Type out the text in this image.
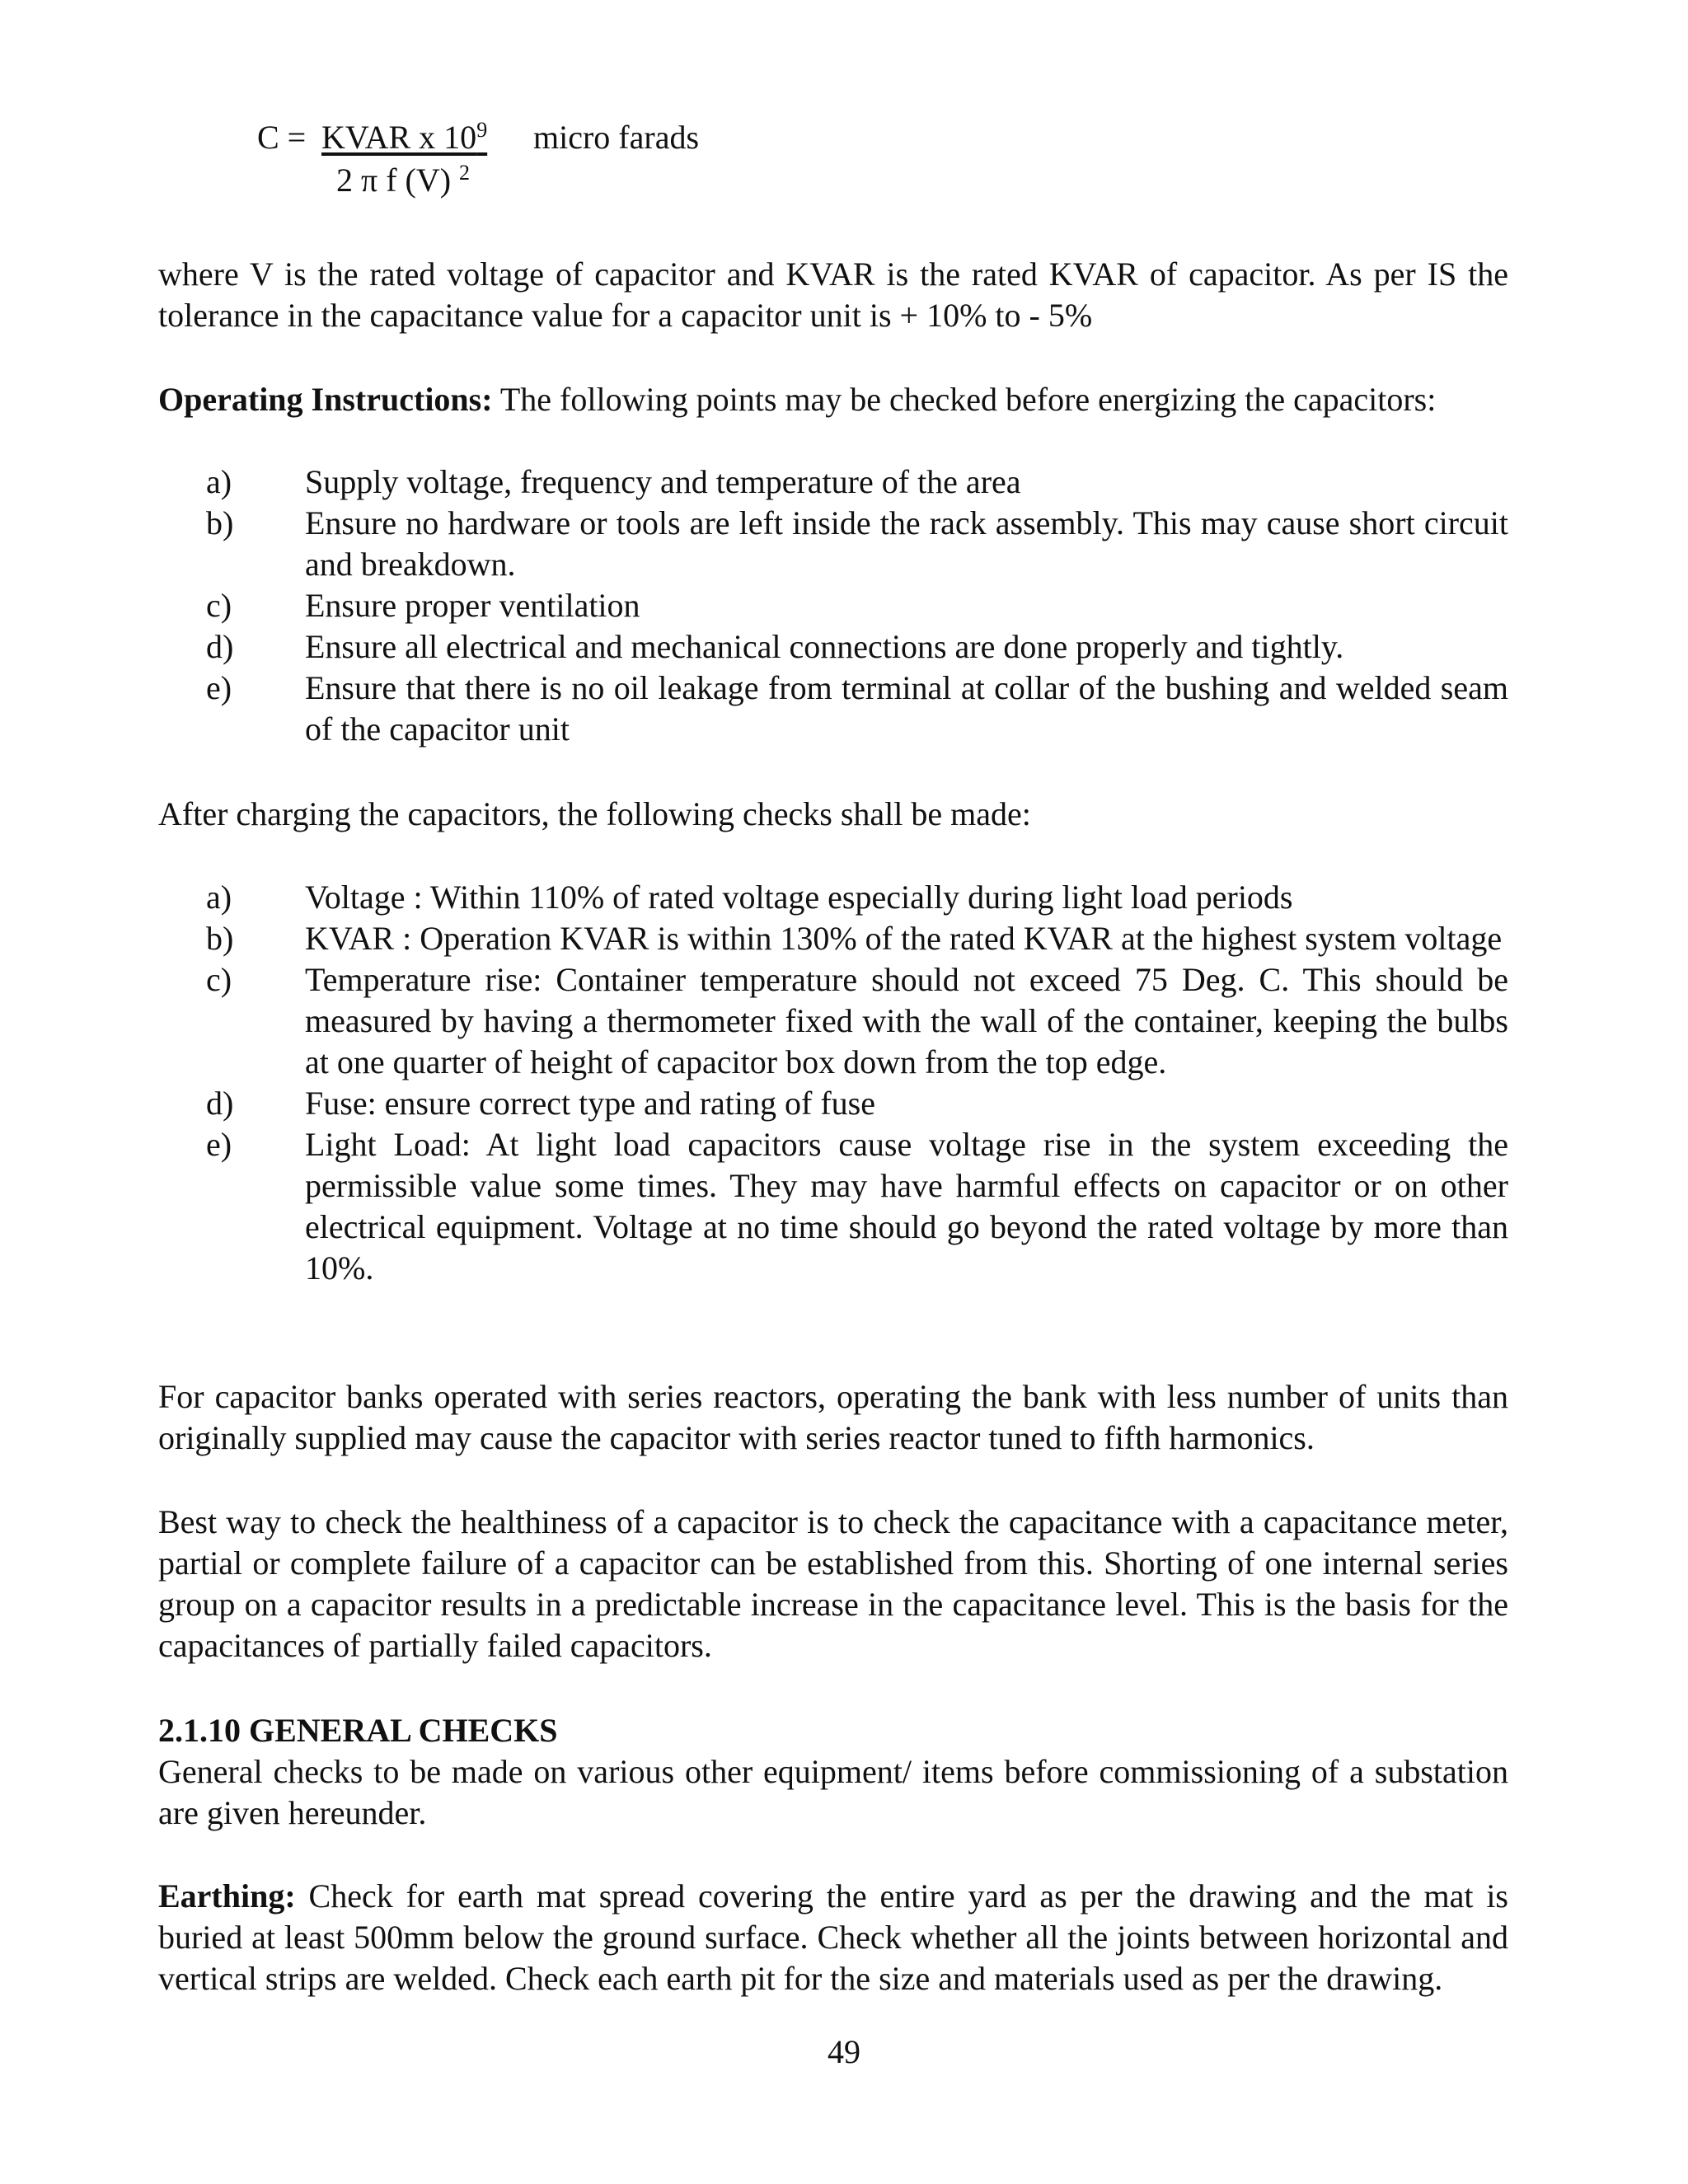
C = KVAR x $10^9$ micro farads
2 π f (V) $^2$

where V is the rated voltage of capacitor and KVAR is the rated KVAR of capacitor. As per IS the tolerance in the capacitance value for a capacitor unit is + 10% to - 5%

Operating Instructions: The following points may be checked before energizing the capacitors:

a) Supply voltage, frequency and temperature of the area
b) Ensure no hardware or tools are left inside the rack assembly. This may cause short circuit and breakdown.
c) Ensure proper ventilation
d) Ensure all electrical and mechanical connections are done properly and tightly.
e) Ensure that there is no oil leakage from terminal at collar of the bushing and welded seam of the capacitor unit

After charging the capacitors, the following checks shall be made:

a) Voltage : Within 110% of rated voltage especially during light load periods
b) KVAR : Operation KVAR is within 130% of the rated KVAR at the highest system voltage
c) Temperature rise: Container temperature should not exceed 75 Deg. C. This should be measured by having a thermometer fixed with the wall of the container, keeping the bulbs at one quarter of height of capacitor box down from the top edge.
d) Fuse: ensure correct type and rating of fuse
e) Light Load: At light load capacitors cause voltage rise in the system exceeding the permissible value some times. They may have harmful effects on capacitor or on other electrical equipment. Voltage at no time should go beyond the rated voltage by more than 10%.

For capacitor banks operated with series reactors, operating the bank with less number of units than originally supplied may cause the capacitor with series reactor tuned to fifth harmonics.

Best way to check the healthiness of a capacitor is to check the capacitance with a capacitance meter, partial or complete failure of a capacitor can be established from this. Shorting of one internal series group on a capacitor results in a predictable increase in the capacitance level. This is the basis for the capacitances of partially failed capacitors.

2.1.10 GENERAL CHECKS

General checks to be made on various other equipment/ items before commissioning of a substation are given hereunder.

Earthing: Check for earth mat spread covering the entire yard as per the drawing and the mat is buried at least 500mm below the ground surface. Check whether all the joints between horizontal and vertical strips are welded. Check each earth pit for the size and materials used as per the drawing.

49
